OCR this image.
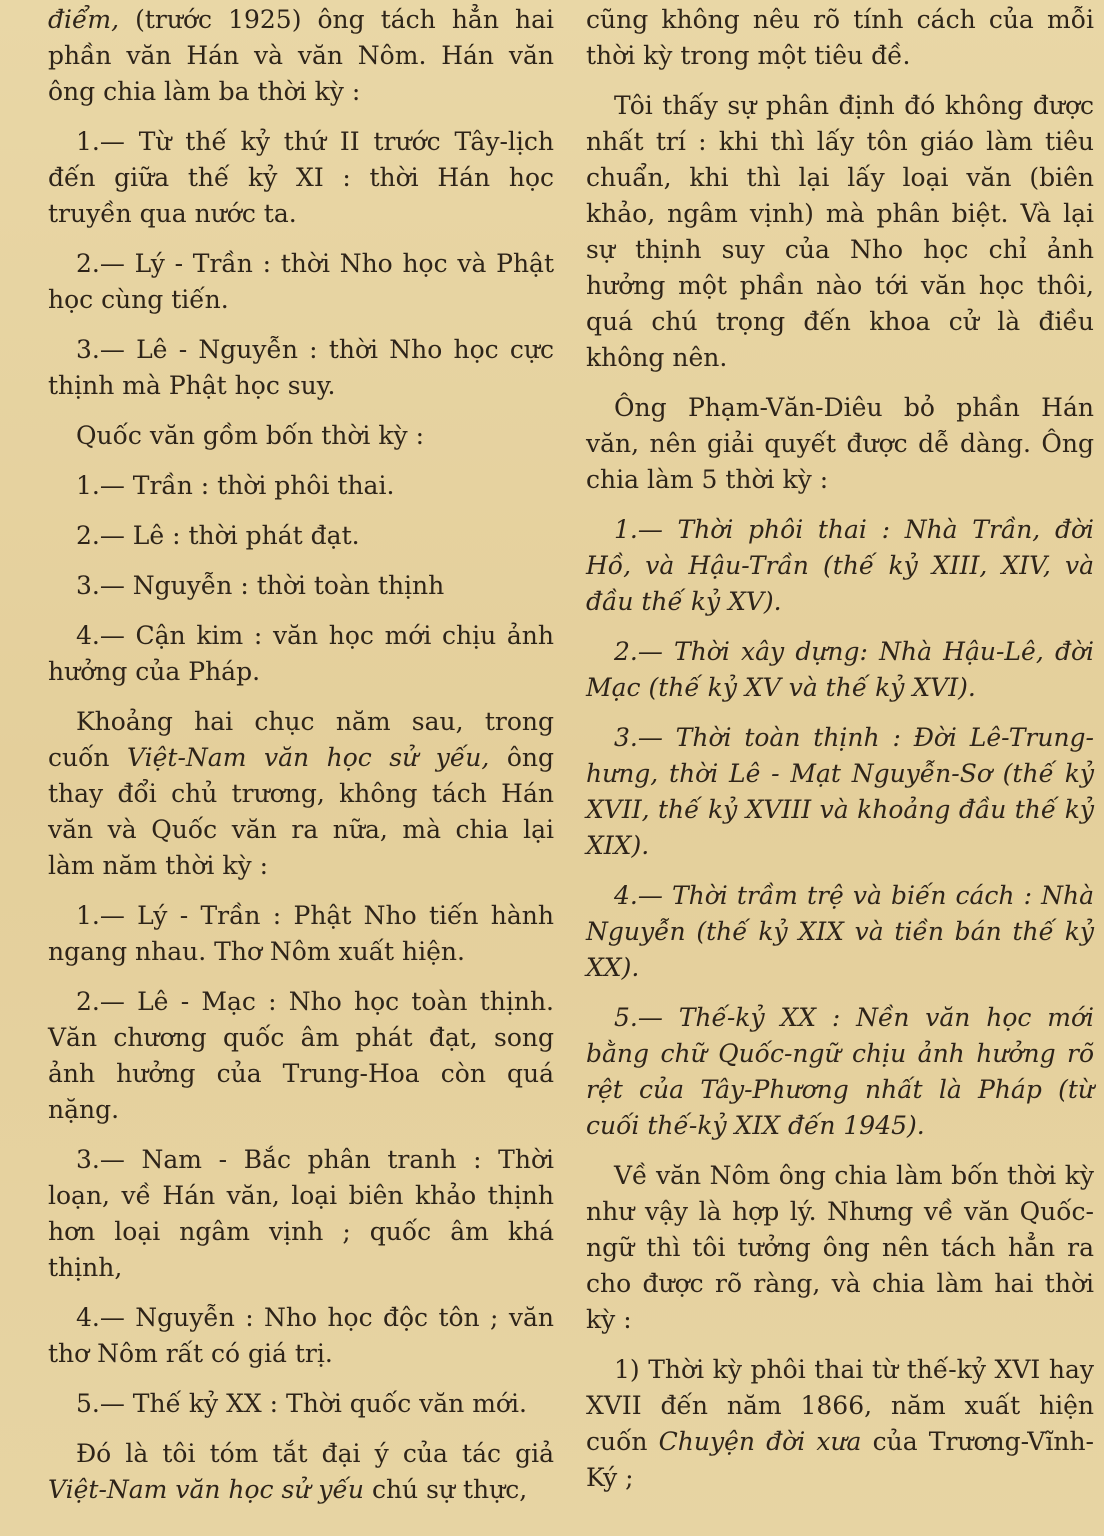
điểm, (trước 1925) ông tách hẳn hai phần văn Hán và văn Nôm. Hán văn ông chia làm ba thời kỳ :

1.— Từ thế kỷ thứ II trước Tây-lịch đến giữa thế kỷ XI : thời Hán học truyền qua nước ta.

2.— Lý - Trần : thời Nho học và Phật học cùng tiến.

3.— Lê - Nguyễn : thời Nho học cực thịnh mà Phật học suy.

Quốc văn gồm bốn thời kỳ :

1.— Trần : thời phôi thai.

2.— Lê : thời phát đạt.

3.— Nguyễn : thời toàn thịnh

4.— Cận kim : văn học mới chịu ảnh hưởng của Pháp.

Khoảng hai chục năm sau, trong cuốn Việt-Nam văn học sử yếu, ông thay đổi chủ trương, không tách Hán văn và Quốc văn ra nữa, mà chia lại làm năm thời kỳ :

1.— Lý - Trần : Phật Nho tiến hành ngang nhau. Thơ Nôm xuất hiện.

2.— Lê - Mạc : Nho học toàn thịnh. Văn chương quốc âm phát đạt, song ảnh hưởng của Trung-Hoa còn quá nặng.

3.— Nam - Bắc phân tranh : Thời loạn, về Hán văn, loại biên khảo thịnh hơn loại ngâm vịnh ; quốc âm khá thịnh,

4.— Nguyễn : Nho học độc tôn ; văn thơ Nôm rất có giá trị.

5.— Thế kỷ XX : Thời quốc văn mới.

Đó là tôi tóm tắt đại ý của tác giả Việt-Nam văn học sử yếu chú sự thực,

cũng không nêu rõ tính cách của mỗi thời kỳ trong một tiêu đề.

Tôi thấy sự phân định đó không được nhất trí : khi thì lấy tôn giáo làm tiêu chuẩn, khi thì lại lấy loại văn (biên khảo, ngâm vịnh) mà phân biệt. Và lại sự thịnh suy của Nho học chỉ ảnh hưởng một phần nào tới văn học thôi, quá chú trọng đến khoa cử là điều không nên.

Ông Phạm-Văn-Diêu bỏ phần Hán văn, nên giải quyết được dễ dàng. Ông chia làm 5 thời kỳ :

1.— Thời phôi thai : Nhà Trần, đời Hồ, và Hậu-Trần (thế kỷ XIII, XIV, và đầu thế kỷ XV).

2.— Thời xây dựng: Nhà Hậu-Lê, đời Mạc (thế kỷ XV và thế kỷ XVI).

3.— Thời toàn thịnh : Đời Lê-Trung-hưng, thời Lê - Mạt Nguyễn-Sơ (thế kỷ XVII, thế kỷ XVIII và khoảng đầu thế kỷ XIX).

4.— Thời trầm trệ và biến cách : Nhà Nguyễn (thế kỷ XIX và tiền bán thế kỷ XX).

5.— Thế-kỷ XX : Nền văn học mới bằng chữ Quốc-ngữ chịu ảnh hưởng rõ rệt của Tây-Phương nhất là Pháp (từ cuối thế-kỷ XIX đến 1945).

Về văn Nôm ông chia làm bốn thời kỳ như vậy là hợp lý. Nhưng về văn Quốc-ngữ thì tôi tưởng ông nên tách hẳn ra cho được rõ ràng, và chia làm hai thời kỳ :

1) Thời kỳ phôi thai từ thế-kỷ XVI hay XVII đến năm 1866, năm xuất hiện cuốn Chuyện đời xưa của Trương-Vĩnh-Ký ;
